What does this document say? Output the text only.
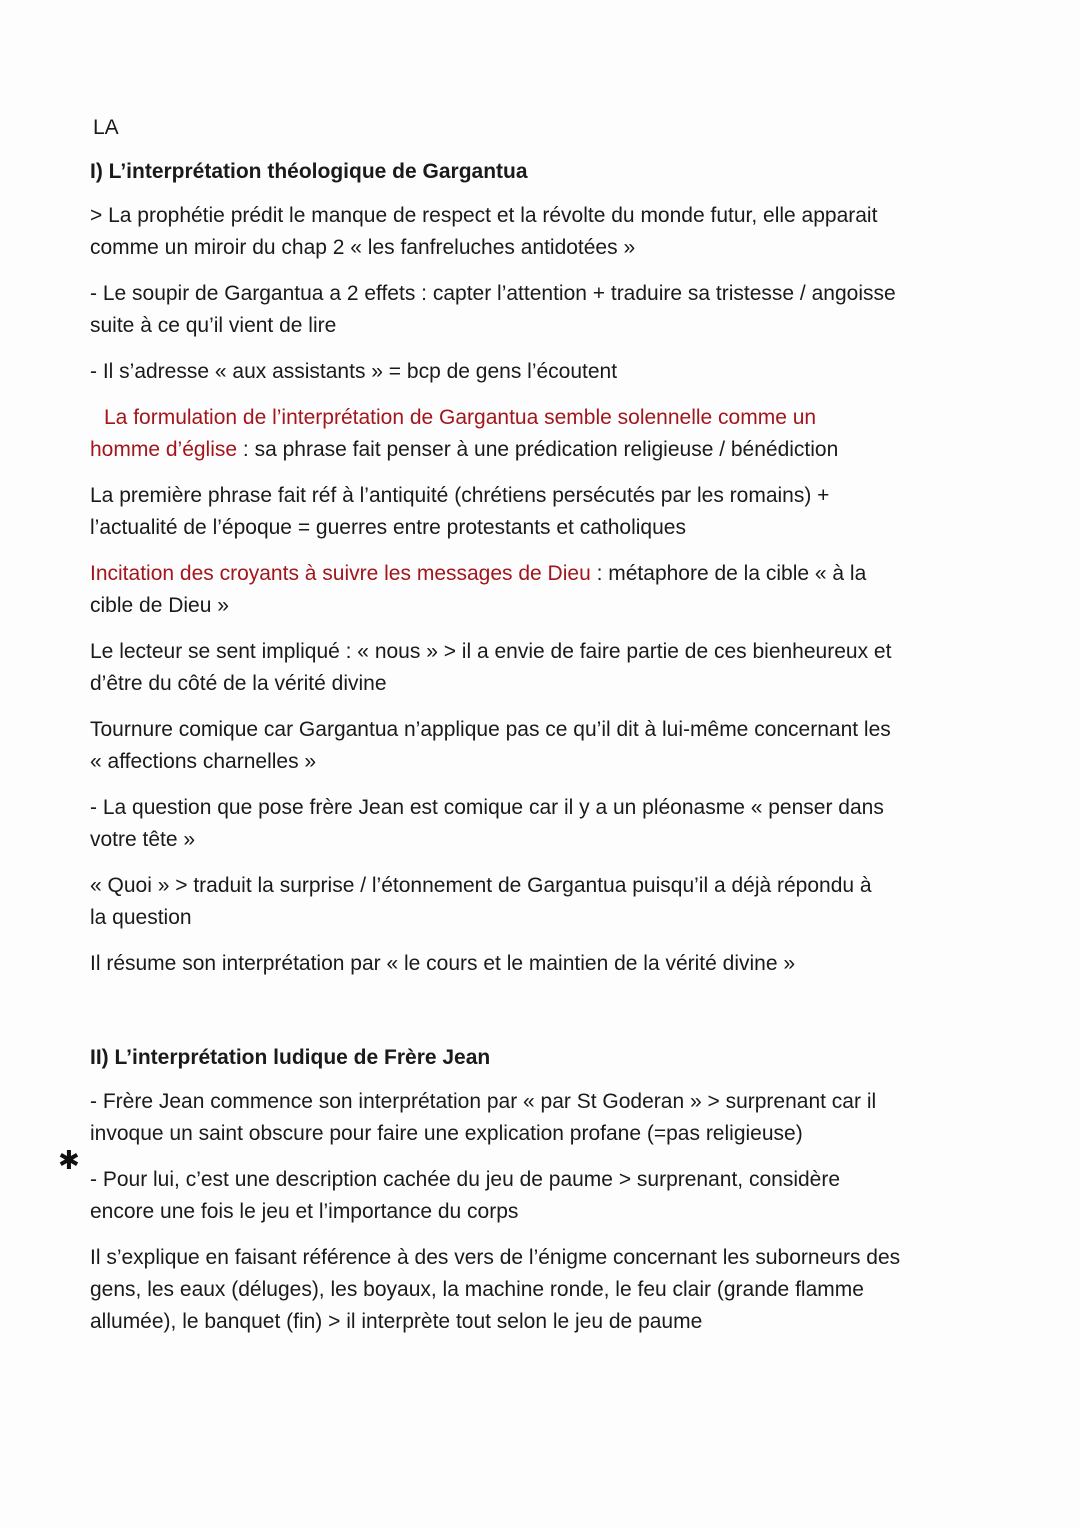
LA

I) L’interprétation théologique de Gargantua

> La prophétie prédit le manque de respect et la révolte du monde futur, elle apparait

comme un miroir du chap 2 « les fanfreluches antidotées »

- Le soupir de Gargantua a 2 effets : capter l’attention + traduire sa tristesse / angoisse

suite à ce qu’il vient de lire

- Il s’adresse « aux assistants » = bcp de gens l’écoutent

La formulation de l’interprétation de Gargantua semble solennelle comme un

homme d’église : sa phrase fait penser à une prédication religieuse / bénédiction

La première phrase fait réf à l’antiquité (chrétiens persécutés par les romains) +

l’actualité de l’époque = guerres entre protestants et catholiques

Incitation des croyants à suivre les messages de Dieu : métaphore de la cible « à la

cible de Dieu »

Le lecteur se sent impliqué : « nous » > il a envie de faire partie de ces bienheureux et

d’être du côté de la vérité divine

Tournure comique car Gargantua n’applique pas ce qu’il dit à lui-même concernant les

« affections charnelles »

- La question que pose frère Jean est comique car il y a un pléonasme « penser dans

votre tête »

« Quoi » > traduit la surprise / l’étonnement de Gargantua puisqu’il a déjà répondu à

la question

Il résume son interprétation par « le cours et le maintien de la vérité divine »

II) L’interprétation ludique de Frère Jean

- Frère Jean commence son interprétation par « par St Goderan » > surprenant car il

invoque un saint obscure pour faire une explication profane (=pas religieuse)

- Pour lui, c’est une description cachée du jeu de paume > surprenant, considère

encore une fois le jeu et l’importance du corps

Il s’explique en faisant référence à des vers de l’énigme concernant les suborneurs des

gens, les eaux (déluges), les boyaux, la machine ronde, le feu clair (grande flamme

allumée), le banquet (fin) > il interprète tout selon le jeu de paume

✱
